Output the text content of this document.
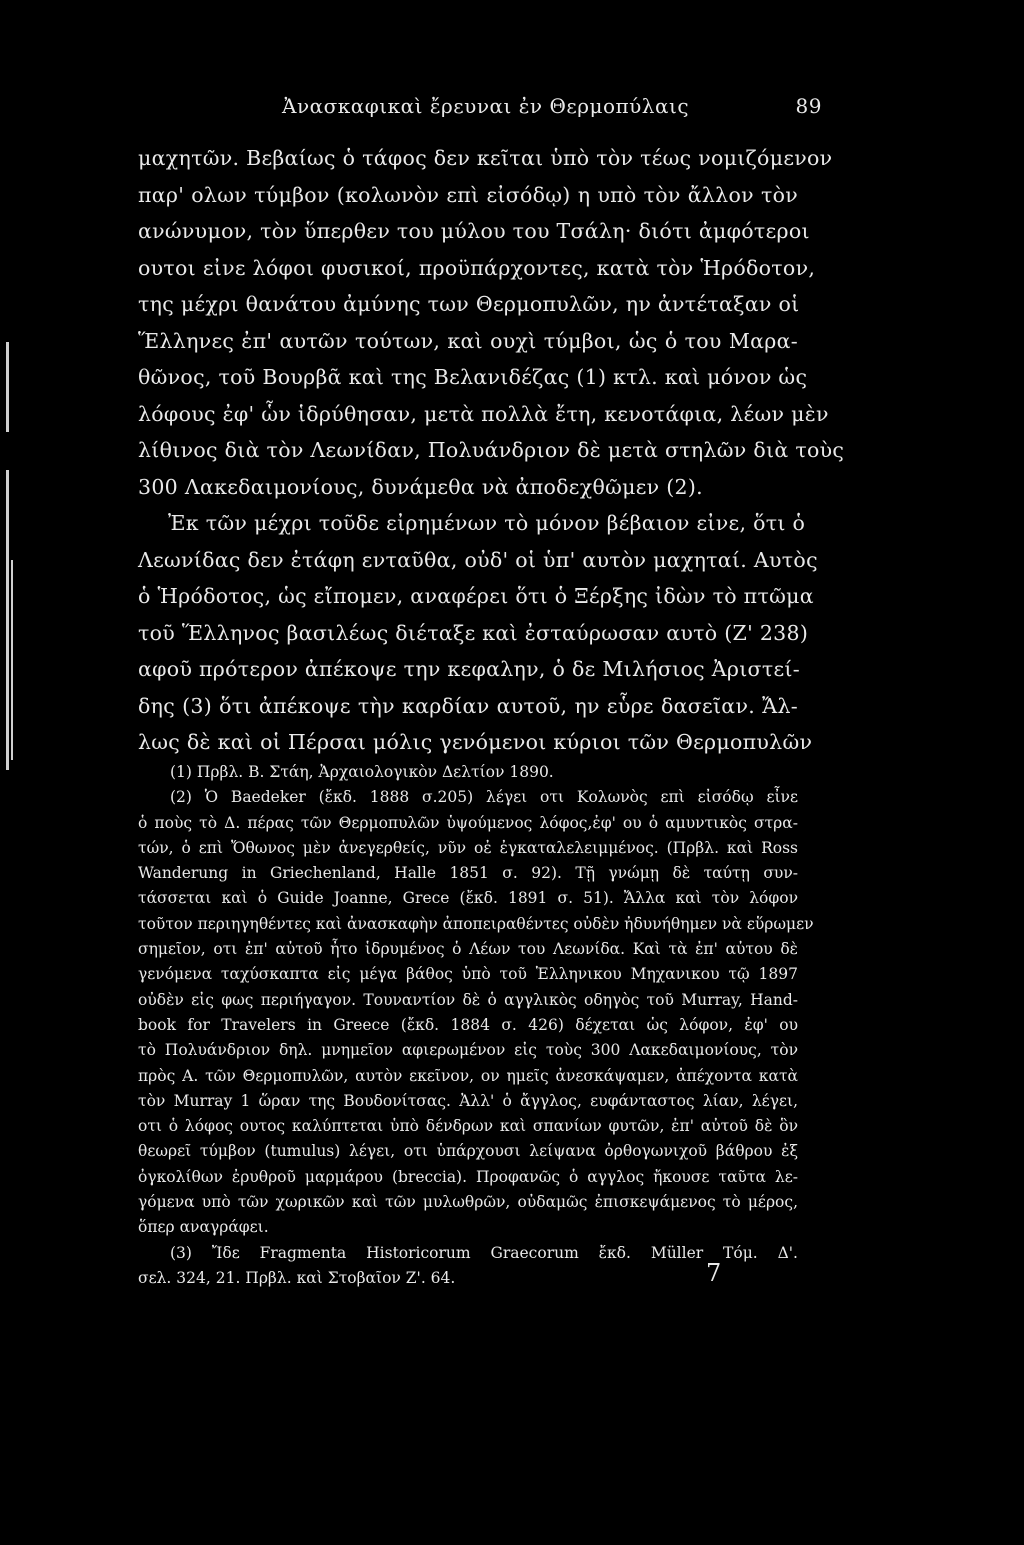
Ἀνασκαφικαὶ ἔρευναι ἐν Θερμοπύλαις	89
μαχητῶν. Βεβαίως ὁ τάφος δεν κεῖται ὑπὸ τὸν τέως νομιζόμενον
παρ' ολων τύμβον (κολωνὸν επὶ εἰσόδῳ) η υπὸ τὸν ἄλλον τὸν
ανώνυμον, τὸν ὕπερθεν του μύλου του Τσάλη· διότι ἀμφότεροι
ουτοι εἰνε λόφοι φυσικοί, προϋπάρχοντες, κατὰ τὸν Ἡρόδοτον,
της μέχρι θανάτου ἀμύνης των Θερμοπυλῶν, ην ἀντέταξαν οἱ
Ἕλληνες ἐπ' αυτῶν τούτων, καὶ ουχὶ τύμβοι, ὡς ὁ του Μαρα-
θῶνος, τοῦ Βουρβᾶ καὶ της Βελανιδέζας (1) κτλ. καὶ μόνον ὡς
λόφους ἐφ' ὧν ἱδρύθησαν, μετὰ πολλὰ ἔτη, κενοτάφια, λέων μὲν
λίθινος διὰ τὸν Λεωνίδαν, Πολυάνδριον δὲ μετὰ στηλῶν διὰ τοὺς
300 Λακεδαιμονίους, δυνάμεθα νὰ ἀποδεχθῶμεν (2).
Ἐκ τῶν μέχρι τοῦδε εἰρημένων τὸ μόνον βέβαιον εἰνε, ὅτι ὁ
Λεωνίδας δεν ἐτάφη ενταῦθα, οὐδ' οἱ ὑπ' αυτὸν μαχηταί. Αυτὸς
ὁ Ἡρόδοτος, ὡς εἴπομεν, αναφέρει ὅτι ὁ Ξέρξης ἰδὼν τὸ πτῶμα
τοῦ Ἕλληνος βασιλέως διέταξε καὶ ἐσταύρωσαν αυτὸ (Ζ' 238)
αφοῦ πρότερον ἀπέκοψε την κεφαλην, ὁ δε Μιλήσιος Ἀριστεί-
δης (3) ὅτι ἀπέκοψε τὴν καρδίαν αυτοῦ, ην εὗρε δασεῖαν. Ἄλ-
λως δὲ καὶ οἱ Πέρσαι μόλις γενόμενοι κύριοι τῶν Θερμοπυλῶν
(1) Πρβλ. Β. Στάη, Ἀρχαιολογικὸν Δελτίον 1890.
(2) Ὁ Baedeker (ἔκδ. 1888 σ.205) λέγει οτι Κολωνὸς επὶ εἰσόδῳ εἶνε
ὁ ποὺς τὸ Δ. πέρας τῶν Θερμοπυλῶν ὑψούμενος λόφος,ἐφ' ου ὁ αμυντικὸς στρα-
τών, ὁ επὶ Ὄθωνος μὲν ἀνεγερθείς, νῦν οἐ ἐγκαταλελειμμένος. (Πρβλ. καὶ Ross
Wanderung in Griechenland, Halle 1851 σ. 92). Τῇ γνώμῃ δὲ ταύτῃ συν-
τάσσεται καὶ ὁ Guide Joanne, Grece (ἔκδ. 1891 σ. 51). Ἄλλα καὶ τὸν λόφον
τοῦτον περιηγηθέντες καὶ ἀνασκαφὴν ἀποπειραθέντες οὐδὲν ἠδυνήθημεν νὰ εὕρωμεν
σημεῖον, οτι ἐπ' αὐτοῦ ἦτο ἱδρυμένος ὁ Λέων του Λεωνίδα. Καὶ τὰ ἐπ' αὐτου δὲ
γενόμενα ταχύσκαπτα εἰς μέγα βάθος ὑπὸ τοῦ Ἑλληνικου Μηχανικου τῷ 1897
οὐδὲν εἰς φως περιήγαγον. Τουναντίον δὲ ὁ αγγλικὸς οδηγὸς τοῦ Murray, Hand-
book for Travelers in Greece (ἔκδ. 1884 σ. 426) δέχεται ὡς λόφον, ἐφ' ου
τὸ Πολυάνδριον δηλ. μνημεῖον αφιερωμένον εἰς τοὺς 300 Λακεδαιμονίους, τὸν
πρὸς Α. τῶν Θερμοπυλῶν, αυτὸν εκεῖνον, ον ημεῖς ἀνεσκάψαμεν, ἀπέχοντα κατὰ
τὸν Murray 1 ὥραν της Βουδονίτσας. Ἀλλ' ὁ ἄγγλος, ευφάνταστος λίαν, λέγει,
οτι ὁ λόφος ουτος καλύπτεται ὑπὸ δένδρων καὶ σπανίων φυτῶν, ἐπ' αὐτοῦ δὲ ὃν
θεωρεῖ τύμβον (tumulus) λέγει, οτι ὑπάρχουσι λείψανα ὀρθογωνιχοῦ βάθρου ἐξ
ὀγκολίθων ἐρυθροῦ μαρμάρου (breccia). Προφανῶς ὁ αγγλος ἤκουσε ταῦτα λε-
γόμενα υπὸ τῶν χωρικῶν καὶ τῶν μυλωθρῶν, οὐδαμῶς ἐπισκεψάμενος τὸ μέρος,
ὅπερ αναγράφει.
(3) Ἴδε Fragmenta Historicorum Graecorum ἔκδ. Müller Τόμ. Δ'.
σελ. 324, 21. Πρβλ. καὶ Στοβαῖον Ζ'. 64.	7
